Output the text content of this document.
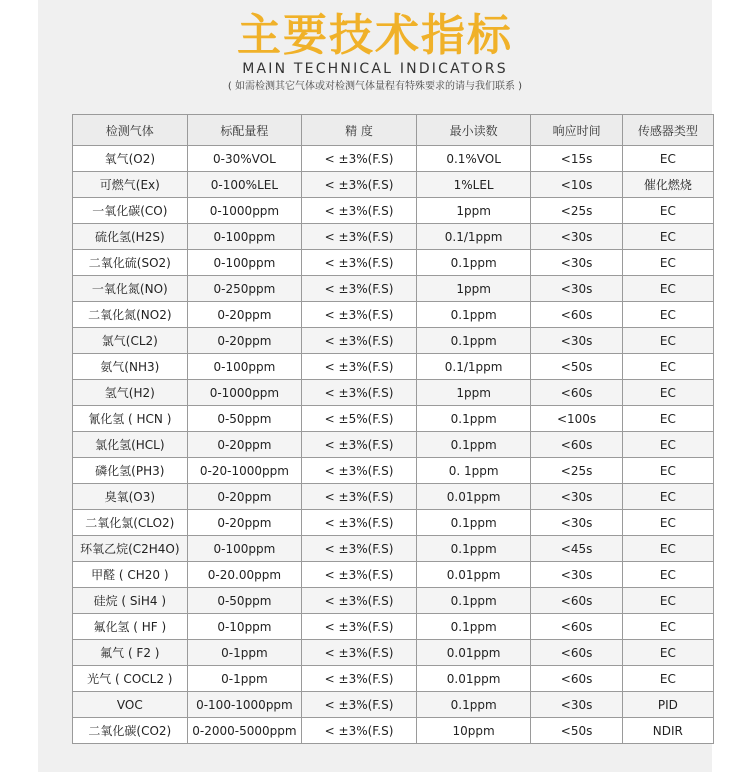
主要技术指标
MAIN TECHNICAL INDICATORS
( 如需检测其它气体或对检测气体量程有特殊要求的请与我们联系 )
检测气体	标配量程	精 度	最小读数	响应时间	传感器类型
氧气(O2)	0-30%VOL	< ±3%(F.S)	0.1%VOL	<15s	EC
可燃气(Ex)	0-100%LEL	< ±3%(F.S)	1%LEL	<10s	催化燃烧
一氧化碳(CO)	0-1000ppm	< ±3%(F.S)	1ppm	<25s	EC
硫化氢(H2S)	0-100ppm	< ±3%(F.S)	0.1/1ppm	<30s	EC
二氧化硫(SO2)	0-100ppm	< ±3%(F.S)	0.1ppm	<30s	EC
一氧化氮(NO)	0-250ppm	< ±3%(F.S)	1ppm	<30s	EC
二氧化氮(NO2)	0-20ppm	< ±3%(F.S)	0.1ppm	<60s	EC
氯气(CL2)	0-20ppm	< ±3%(F.S)	0.1ppm	<30s	EC
氨气(NH3)	0-100ppm	< ±3%(F.S)	0.1/1ppm	<50s	EC
氢气(H2)	0-1000ppm	< ±3%(F.S)	1ppm	<60s	EC
氰化氢 ( HCN )	0-50ppm	< ±5%(F.S)	0.1ppm	<100s	EC
氯化氢(HCL)	0-20ppm	< ±3%(F.S)	0.1ppm	<60s	EC
磷化氢(PH3)	0-20-1000ppm	< ±3%(F.S)	0. 1ppm	<25s	EC
臭氧(O3)	0-20ppm	< ±3%(F.S)	0.01ppm	<30s	EC
二氧化氯(CLO2)	0-20ppm	< ±3%(F.S)	0.1ppm	<30s	EC
环氧乙烷(C2H4O)	0-100ppm	< ±3%(F.S)	0.1ppm	<45s	EC
甲醛 ( CH20 )	0-20.00ppm	< ±3%(F.S)	0.01ppm	<30s	EC
硅烷 ( SiH4 )	0-50ppm	< ±3%(F.S)	0.1ppm	<60s	EC
氟化氢 ( HF )	0-10ppm	< ±3%(F.S)	0.1ppm	<60s	EC
氟气 ( F2 )	0-1ppm	< ±3%(F.S)	0.01ppm	<60s	EC
光气 ( COCL2 )	0-1ppm	< ±3%(F.S)	0.01ppm	<60s	EC
VOC	0-100-1000ppm	< ±3%(F.S)	0.1ppm	<30s	PID
二氧化碳(CO2)	0-2000-5000ppm	< ±3%(F.S)	10ppm	<50s	NDIR
